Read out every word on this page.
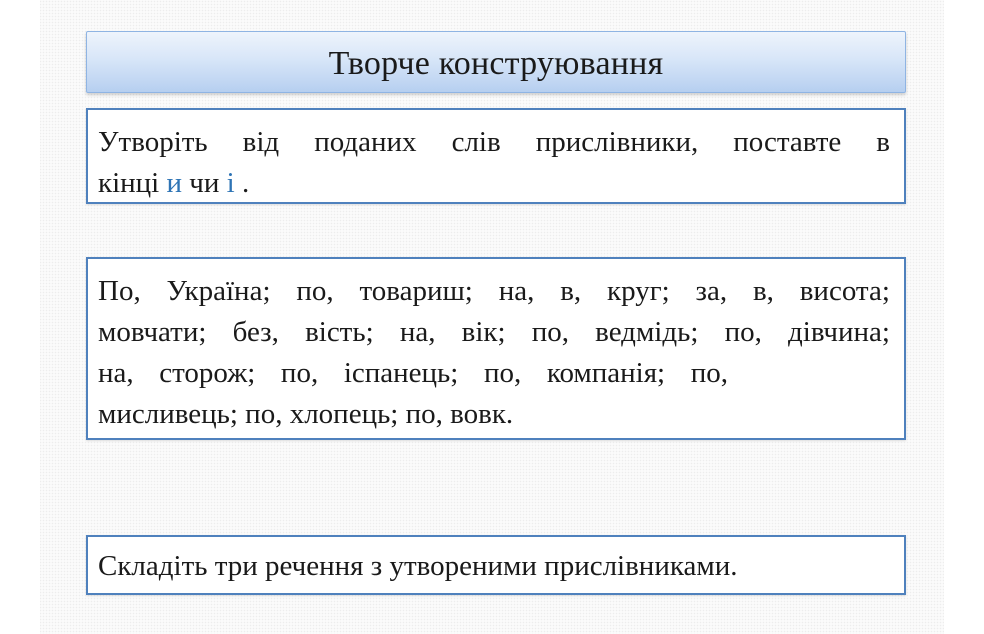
Творче конструювання
Утворіть від поданих слів прислівники, поставте в
кінці и чи і .
По, Україна; по, товариш; на, в, круг; за, в, висота;
мовчати; без, вість; на, вік; по, ведмідь; по, дівчина;
на, сторож; по, іспанець; по, компанія; по,
мисливець; по, хлопець; по, вовк.
Складіть три речення з утвореними прислівниками.
